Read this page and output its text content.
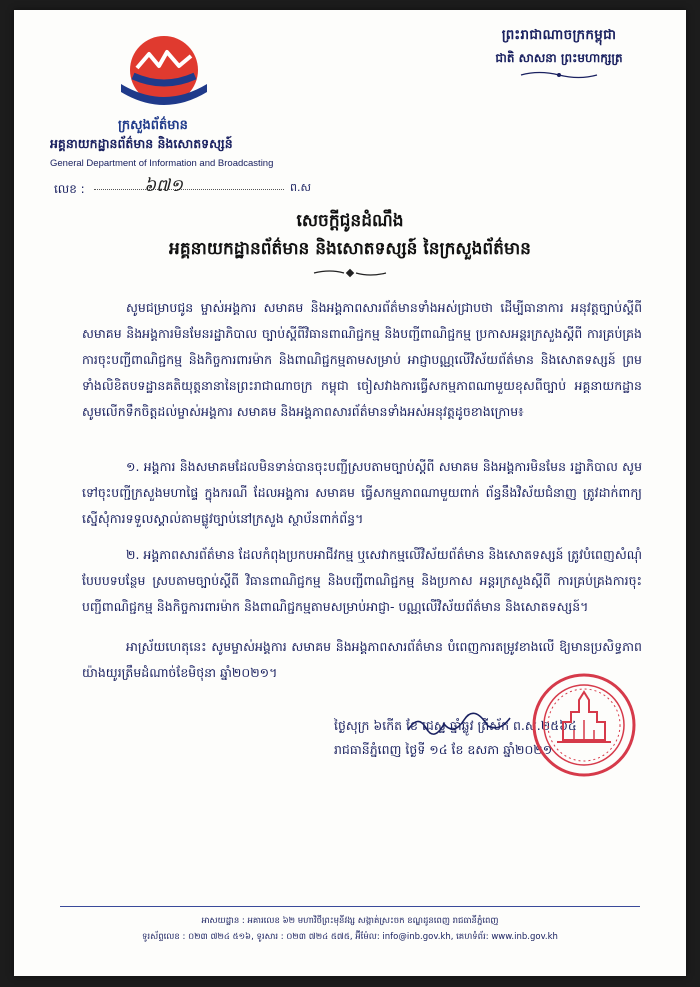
ក្រសួងព័ត៌មាន
អគ្គនាយកដ្ឋានព័ត៌មាន និងសោតទស្សន៍
General Department of Information and Broadcasting
លេខ :	៦៧១	ព.ស
ព្រះរាជាណាចក្រកម្ពុជា
ជាតិ សាសនា ព្រះមហាក្សត្រ
សេចក្តីជូនដំណឹង
អគ្គនាយកដ្ឋានព័ត៌មាន និងសោតទស្សន៍ នៃក្រសួងព័ត៌មាន
សូមជម្រាបជូន ម្ចាស់អង្គការ សមាគម និងអង្គភាពសារព័ត៌មានទាំងអស់ជ្រាបថា ដើម្បីធានាការ អនុវត្តច្បាប់ស្តីពី សមាគម និងអង្គការមិនមែនរដ្ឋាភិបាល ច្បាប់ស្តីពីវិធានពាណិជ្ជកម្ម និងបញ្ជីពាណិជ្ជកម្ម ប្រកាសអន្តរក្រសួងស្តីពី ការគ្រប់គ្រងការចុះបញ្ជីពាណិជ្ជកម្ម និងកិច្ចការពារម៉ាក និងពាណិជ្ជកម្មតាមសម្រាប់ អាជ្ញាបណ្ណលើវិស័យព័ត៌មាន និងសោតទស្សន៍ ព្រមទាំងលិខិតបទដ្ឋានគតិយុត្តនានានៃព្រះរាជាណាចក្រ កម្ពុជា ចៀសវាងការធ្វើសកម្មភាពណាមួយខុសពីច្បាប់ អគ្គនាយកដ្ឋានសូមលើកទឹកចិត្តដល់ម្ចាស់អង្គការ សមាគម និងអង្គភាពសារព័ត៌មានទាំងអស់អនុវត្តដូចខាងក្រោម៖
១. អង្គការ និងសមាគមដែលមិនទាន់បានចុះបញ្ជីស្របតាមច្បាប់ស្តីពី សមាគម និងអង្គការមិនមែន រដ្ឋាភិបាល សូមទៅចុះបញ្ជីក្រសួងមហាផ្ទៃ ក្នុងករណី ដែលអង្គការ សមាគម ធ្វើសកម្មភាពណាមួយពាក់ ព័ន្ធនឹងវិស័យជំនាញ ត្រូវដាក់ពាក្យស្នើសុំការទទួលស្គាល់តាមផ្លូវច្បាប់នៅក្រសួង ស្ថាប័នពាក់ព័ន្ធ។
២. អង្គភាពសារព័ត៌មាន ដែលកំពុងប្រកបអាជីវកម្ម ឬសេវាកម្មលើវិស័យព័ត៌មាន និងសោតទស្សន៍ ត្រូវបំពេញសំណុំបែបបទបន្ថែម ស្របតាមច្បាប់ស្តីពី វិធានពាណិជ្ជកម្ម និងបញ្ជីពាណិជ្ជកម្ម និងប្រកាស អន្តរក្រសួងស្តីពី ការគ្រប់គ្រងការចុះបញ្ជីពាណិជ្ជកម្ម និងកិច្ចការពារម៉ាក និងពាណិជ្ជកម្មតាមសម្រាប់អាជ្ញា- បណ្ណលើវិស័យព័ត៌មាន និងសោតទស្សន៍។
អាស្រ័យហេតុនេះ សូមម្ចាស់អង្គការ សមាគម និងអង្គភាពសារព័ត៌មាន បំពេញការតម្រូវខាងលើ ឱ្យមានប្រសិទ្ធភាពយ៉ាងយូរត្រឹមដំណាច់ខែមិថុនា ឆ្នាំ២០២១។
ថ្ងៃសុក្រ ៦កើត ខែ ជេស្ឋ ឆ្នាំឆ្លូវ ត្រីស័ក ព.ស.២៥៦៤
រាជធានីភ្នំពេញ ថ្ងៃទី ១៤ ខែ ឧសភា ឆ្នាំ២០២១
អាសយដ្ឋាន : អគារលេខ ៦២ មហាវិថីព្រះមុនីវង្ស សង្កាត់ស្រះចក ខណ្ឌដូនពេញ រាជធានីភ្នំពេញ
ទូរស័ព្ទលេខ : ០២៣ ៧២៤ ៥១៦, ទូរសារ : ០២៣ ៧២៤ ៥៧៥, អ៊ីម៉ែល: info@inb.gov.kh, គេហទំព័រ: www.inb.gov.kh
